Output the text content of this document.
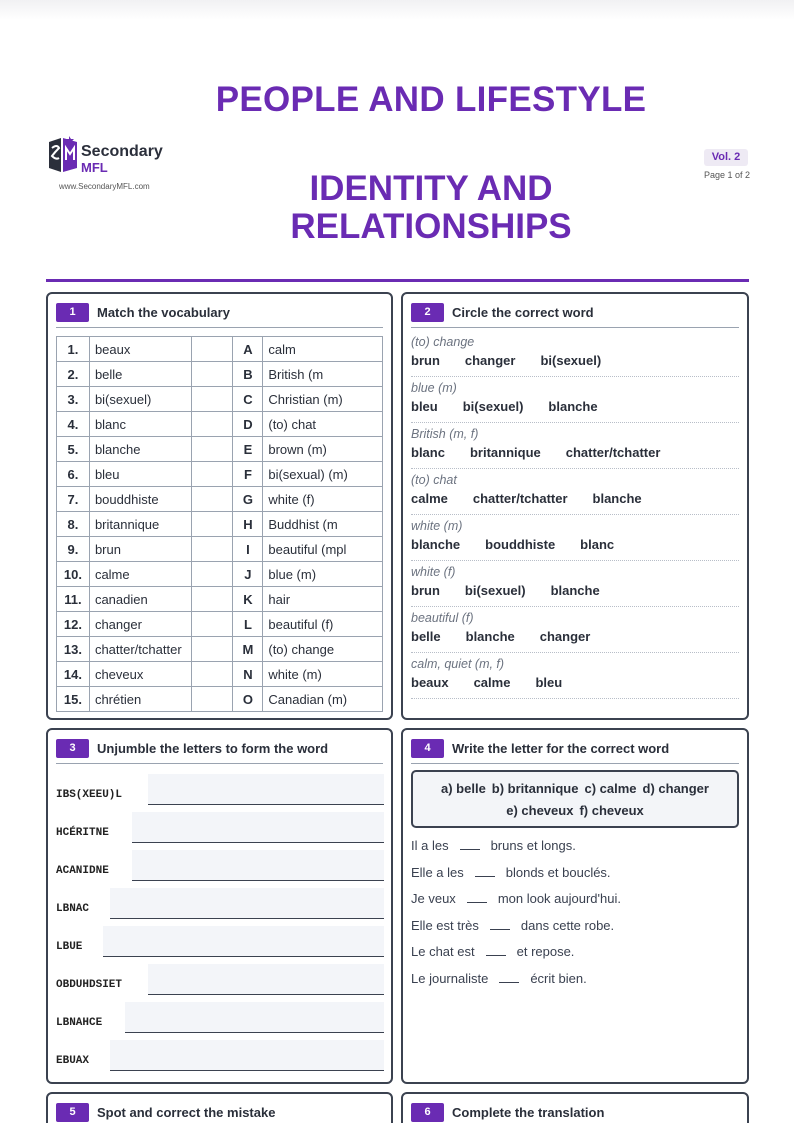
PEOPLE AND LIFESTYLE
Secondary
MFL
www.SecondaryMFL.com	IDENTITY AND
RELATIONSHIPS
Vol. 2
Page 1 of 2
1	Match the vocabulary
1.	beaux		A	calm
2.	belle		B	British (m
3.	bi(sexuel)		C	Christian (m)
4.	blanc		D	(to) chat
5.	blanche		E	brown (m)
6.	bleu		F	bi(sexual) (m)
7.	bouddhiste		G	white (f)
8.	britannique		H	Buddhist (m
9.	brun		I	beautiful (mpl
10.	calme		J	blue (m)
11.	canadien		K	hair
12.	changer		L	beautiful (f)
13.	chatter/tchatter		M	(to) change
14.	cheveux		N	white (m)
15.	chrétien		O	Canadian (m)
2	Circle the correct word
(to) change
brun changer bi(sexuel)
blue (m)
bleu bi(sexuel) blanche
British (m, f)
blanc britannique chatter/tchatter
(to) chat
calme chatter/tchatter blanche
white (m)
blanche bouddhiste blanc
white (f)
brun bi(sexuel) blanche
beautiful (f)
belle blanche changer
calm, quiet (m, f)
beaux calme bleu
3	Unjumble the letters to form the word
IBS(XEEU)L
HCÉRITNE
ACANIDNE
LBNAC
LBUE
OBDUHDSIET
LBNAHCE
EBUAX
4	Write the letter for the correct word
a) belle b) britannique c) calme d) changer
e) cheveux f) cheveux
Il a les	bruns et longs.
Elle a les	blonds et bouclés.
Je veux	mon look aujourd'hui.
Elle est très	dans cette robe.
Le chat est	et repose.
Le journaliste	écrit bien.
5	Spot and correct the mistake	6	Complete the translation
